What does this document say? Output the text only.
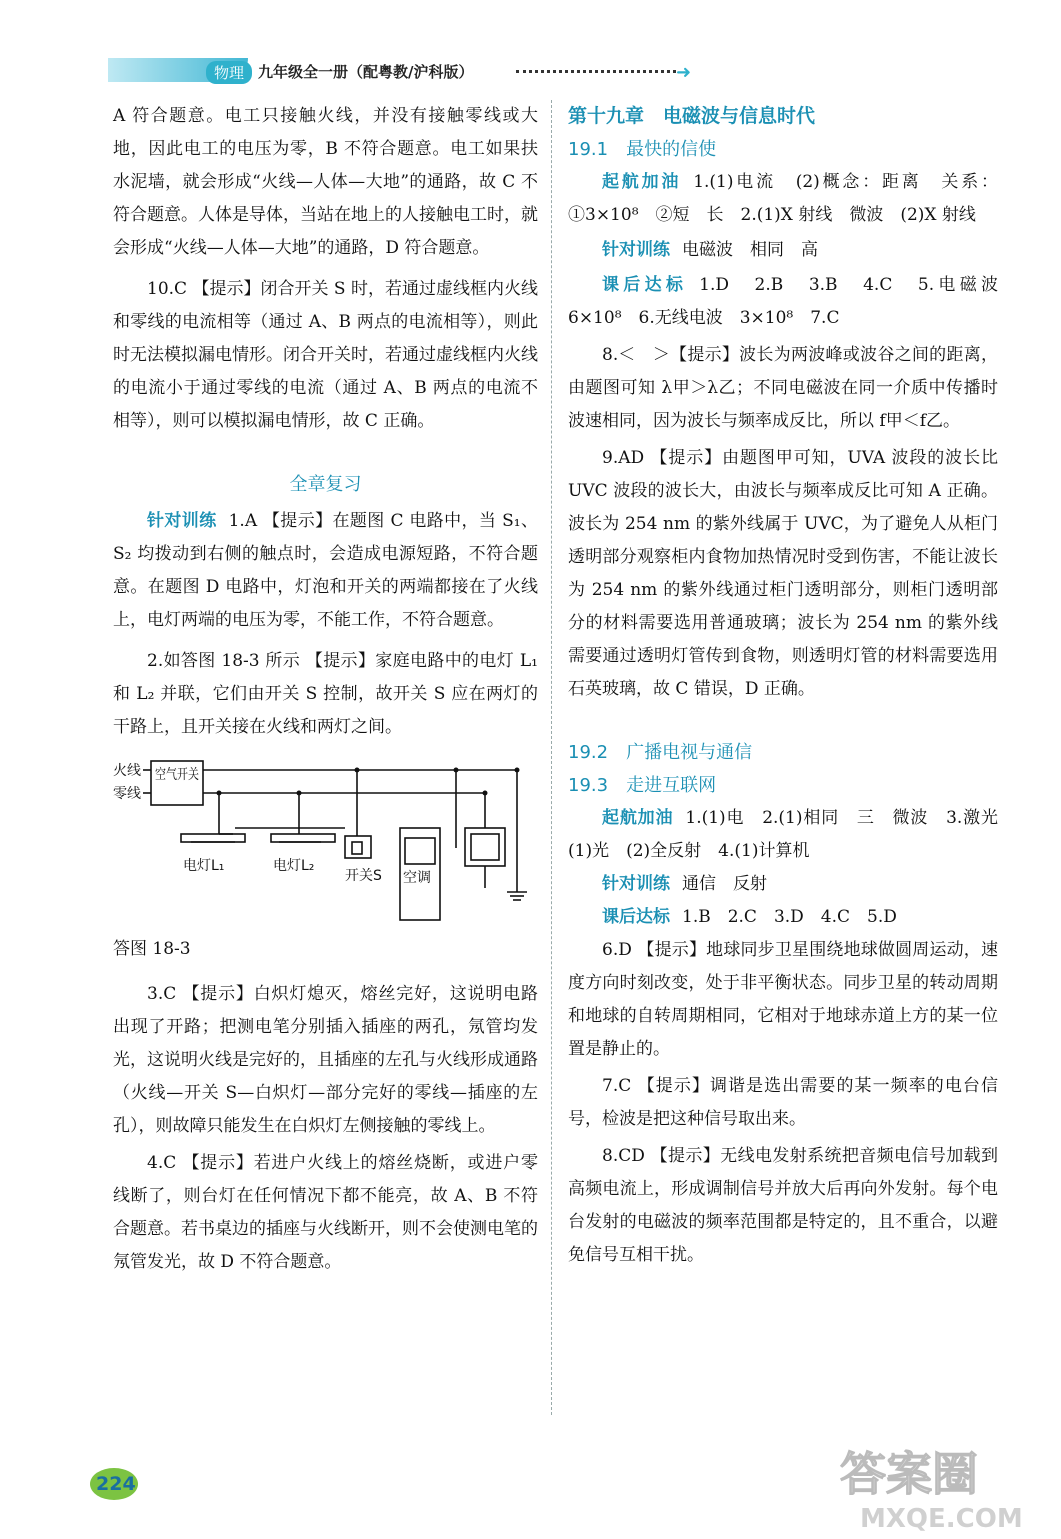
物理 九年级全一册（配粤教/沪科版）	➜

A 符合题意。电工只接触火线，并没有接触零线或大地，因此电工的电压为零，B 不符合题意。电工如果扶水泥墙，就会形成“火线—人体—大地”的通路，故 C 不符合题意。人体是导体，当站在地上的人接触电工时，就会形成“火线—人体—大地”的通路，D 符合题意。

10.C 【提示】闭合开关 S 时，若通过虚线框内火线和零线的电流相等（通过 A、B 两点的电流相等），则此时无法模拟漏电情形。闭合开关时，若通过虚线框内火线的电流小于通过零线的电流（通过 A、B 两点的电流不相等），则可以模拟漏电情形，故 C 正确。

全章复习

针对训练 1.A 【提示】在题图 C 电路中，当 S₁、S₂ 均拨动到右侧的触点时，会造成电源短路，不符合题意。在题图 D 电路中，灯泡和开关的两端都接在了火线上，电灯两端的电压为零，不能工作，不符合题意。

2.如答图 18-3 所示 【提示】家庭电路中的电灯 L₁ 和 L₂ 并联，它们由开关 S 控制，故开关 S 应在两灯的干路上，且开关接在火线和两灯之间。

火线
零线
空气开关
电灯L₁	电灯L₂
开关S 空调

答图 18-3

3.C 【提示】白炽灯熄灭，熔丝完好，这说明电路出现了开路；把测电笔分别插入插座的两孔，氖管均发光，这说明火线是完好的，且插座的左孔与火线形成通路（火线—开关 S—白炽灯—部分完好的零线—插座的左孔），则故障只能发生在白炽灯左侧接触的零线上。

4.C 【提示】若进户火线上的熔丝烧断，或进户零线断了，则台灯在任何情况下都不能亮，故 A、B 不符合题意。若书桌边的插座与火线断开，则不会使测电笔的氖管发光，故 D 不符合题意。

第十九章　电磁波与信息时代

19.1　最快的信使

起航加油 1.(1)电流　(2)概念：距离　关系：①3×10⁸　②短　长　2.(1)X 射线　微波　(2)X 射线

针对训练 电磁波　相同　高

课后达标 1.D　2.B　3.B　4.C　5.电磁波　6×10⁸　6.无线电波　3×10⁸　7.C

8.＜　＞【提示】波长为两波峰或波谷之间的距离，由题图可知 λ甲＞λ乙；不同电磁波在同一介质中传播时波速相同，因为波长与频率成反比，所以 f甲＜f乙。

9.AD 【提示】由题图甲可知，UVA 波段的波长比 UVC 波段的波长大，由波长与频率成反比可知 A 正确。波长为 254 nm 的紫外线属于 UVC，为了避免人从柜门透明部分观察柜内食物加热情况时受到伤害，不能让波长为 254 nm 的紫外线通过柜门透明部分，则柜门透明部分的材料需要选用普通玻璃；波长为 254 nm 的紫外线需要通过透明灯管传到食物，则透明灯管的材料需要选用石英玻璃，故 C 错误，D 正确。

19.2　广播电视与通信

19.3　走进互联网

起航加油 1.(1)电　2.(1)相同　三　微波　3.激光　(1)光　(2)全反射　4.(1)计算机

针对训练 通信　反射

课后达标 1.B　2.C　3.D　4.C　5.D

6.D 【提示】地球同步卫星围绕地球做圆周运动，速度方向时刻改变，处于非平衡状态。同步卫星的转动周期和地球的自转周期相同，它相对于地球赤道上方的某一位置是静止的。

7.C 【提示】调谐是选出需要的某一频率的电台信号，检波是把这种信号取出来。

8.CD 【提示】无线电发射系统把音频电信号加载到高频电流上，形成调制信号并放大后再向外发射。每个电台发射的电磁波的频率范围都是特定的，且不重合，以避免信号互相干扰。

224	答案圈
MXQE.COM
